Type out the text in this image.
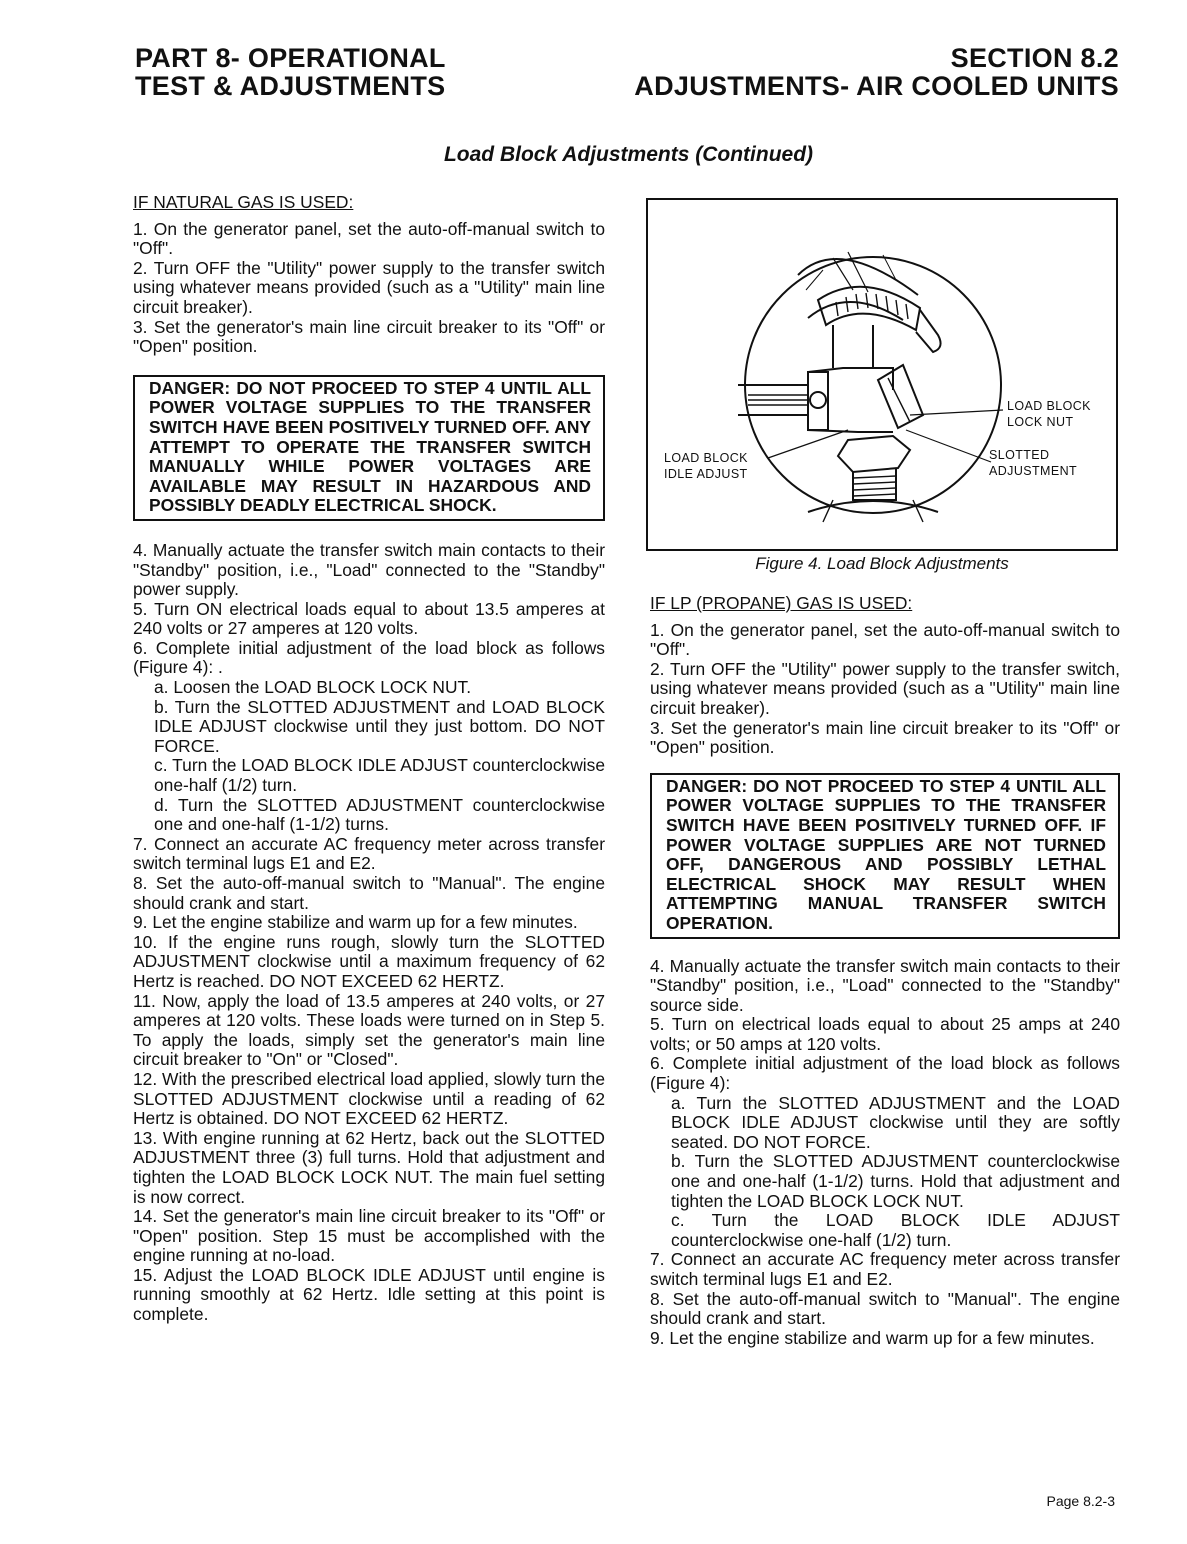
PART 8- OPERATIONAL
TEST & ADJUSTMENTS
SECTION 8.2
ADJUSTMENTS- AIR COOLED UNITS
Load Block Adjustments (Continued)
IF NATURAL GAS IS USED:

1. On the generator panel, set the auto-off-manual switch to "Off".

2. Turn OFF the "Utility" power supply to the transfer switch using whatever means provided (such as a "Utility" main line circuit breaker).

3. Set the generator's main line circuit breaker to its "Off" or "Open" position.

DANGER: DO NOT PROCEED TO STEP 4 UNTIL ALL POWER VOLTAGE SUPPLIES TO THE TRANSFER SWITCH HAVE BEEN POSITIVELY TURNED OFF. ANY ATTEMPT TO OPERATE THE TRANSFER SWITCH MANUALLY WHILE POWER VOLTAGES ARE AVAILABLE MAY RESULT IN HAZARDOUS AND POSSIBLY DEADLY ELECTRICAL SHOCK.

4. Manually actuate the transfer switch main contacts to their "Standby" position, i.e., "Load" connected to the "Standby" power supply.

5. Turn ON electrical loads equal to about 13.5 amperes at 240 volts or 27 amperes at 120 volts.

6. Complete initial adjustment of the load block as follows (Figure 4): .

a. Loosen the LOAD BLOCK LOCK NUT.

b. Turn the SLOTTED ADJUSTMENT and LOAD BLOCK IDLE ADJUST clockwise until they just bottom. DO NOT FORCE.

c. Turn the LOAD BLOCK IDLE ADJUST counterclockwise one-half (1/2) turn.

d. Turn the SLOTTED ADJUSTMENT counterclockwise one and one-half (1-1/2) turns.

7. Connect an accurate AC frequency meter across transfer switch terminal lugs E1 and E2.

8. Set the auto-off-manual switch to "Manual". The engine should crank and start.

9. Let the engine stabilize and warm up for a few minutes.

10. If the engine runs rough, slowly turn the SLOTTED ADJUSTMENT clockwise until a maximum frequency of 62 Hertz is reached. DO NOT EXCEED 62 HERTZ.

11. Now, apply the load of 13.5 amperes at 240 volts, or 27 amperes at 120 volts. These loads were turned on in Step 5. To apply the loads, simply set the generator's main line circuit breaker to "On" or "Closed".

12. With the prescribed electrical load applied, slowly turn the SLOTTED ADJUSTMENT clockwise until a reading of 62 Hertz is obtained. DO NOT EXCEED 62 HERTZ.

13. With engine running at 62 Hertz, back out the SLOTTED ADJUSTMENT three (3) full turns. Hold that adjustment and tighten the LOAD BLOCK LOCK NUT. The main fuel setting is now correct.

14. Set the generator's main line circuit breaker to its "Off" or "Open" position. Step 15 must be accomplished with the engine running at no-load.

15. Adjust the LOAD BLOCK IDLE ADJUST until engine is running smoothly at 62 Hertz. Idle setting at this point is complete.

LOAD BLOCK
LOCK NUT
SLOTTED
ADJUSTMENT
LOAD BLOCK
IDLE ADJUST
Figure 4. Load Block Adjustments
IF LP (PROPANE) GAS IS USED:

1. On the generator panel, set the auto-off-manual switch to "Off".

2. Turn OFF the "Utility" power supply to the transfer switch, using whatever means provided (such as a "Utility" main line circuit breaker).

3. Set the generator's main line circuit breaker to its "Off" or "Open" position.

DANGER: DO NOT PROCEED TO STEP 4 UNTIL ALL POWER VOLTAGE SUPPLIES TO THE TRANSFER SWITCH HAVE BEEN POSITIVELY TURNED OFF. IF POWER VOLTAGE SUPPLIES ARE NOT TURNED OFF, DANGEROUS AND POSSIBLY LETHAL ELECTRICAL SHOCK MAY RESULT WHEN ATTEMPTING MANUAL TRANSFER SWITCH OPERATION.

4. Manually actuate the transfer switch main contacts to their "Standby" position, i.e., "Load" connected to the "Standby" source side.

5. Turn on electrical loads equal to about 25 amps at 240 volts; or 50 amps at 120 volts.

6. Complete initial adjustment of the load block as follows (Figure 4):

a. Turn the SLOTTED ADJUSTMENT and the LOAD BLOCK IDLE ADJUST clockwise until they are softly seated. DO NOT FORCE.

b. Turn the SLOTTED ADJUSTMENT counterclockwise one and one-half (1-1/2) turns. Hold that adjustment and tighten the LOAD BLOCK LOCK NUT.

c. Turn the LOAD BLOCK IDLE ADJUST counterclockwise one-half (1/2) turn.

7. Connect an accurate AC frequency meter across transfer switch terminal lugs E1 and E2.

8. Set the auto-off-manual switch to "Manual". The engine should crank and start.

9. Let the engine stabilize and warm up for a few minutes.

Page 8.2-3
